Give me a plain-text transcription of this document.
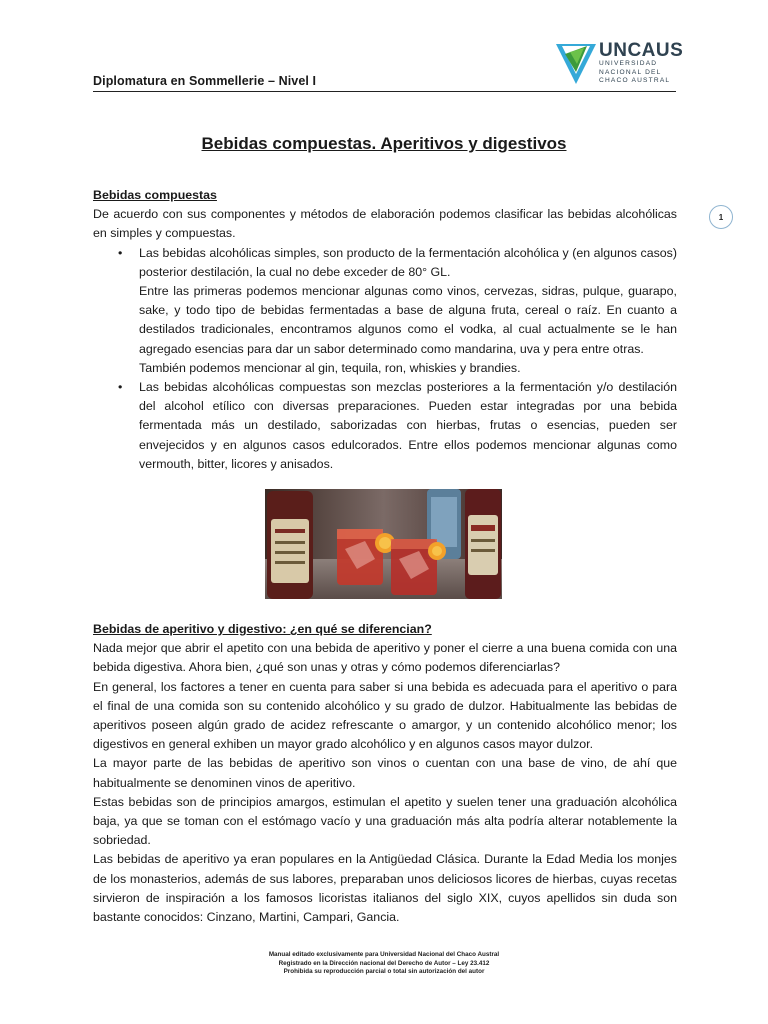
Diplomatura en Sommellerie – Nivel I
UNCAUS
UNIVERSIDAD
NACIONAL DEL
CHACO AUSTRAL
1
Bebidas compuestas. Aperitivos y digestivos
Bebidas compuestas

De acuerdo con sus componentes y métodos de elaboración podemos clasificar las bebidas alcohólicas en simples y compuestas.

• Las bebidas alcohólicas simples, son producto de la fermentación alcohólica y (en algunos casos) posterior destilación, la cual no debe exceder de 80° GL.

Entre las primeras podemos mencionar algunas como vinos, cervezas, sidras, pulque, guarapo, sake, y todo tipo de bebidas fermentadas a base de alguna fruta, cereal o raíz. En cuanto a destilados tradicionales, encontramos algunos como el vodka, al cual actualmente se le han agregado esencias para dar un sabor determinado como mandarina, uva y pera entre otras.

También podemos mencionar al gin, tequila, ron, whiskies y brandies.

• Las bebidas alcohólicas compuestas son mezclas posteriores a la fermentación y/o destilación del alcohol etílico con diversas preparaciones. Pueden estar integradas por una bebida fermentada más un destilado, saborizadas con hierbas, frutas o esencias, pueden ser envejecidos y en algunos casos edulcorados. Entre ellos podemos mencionar algunas como vermouth, bitter, licores y anisados.

Bebidas de aperitivo y digestivo: ¿en qué se diferencian?

Nada mejor que abrir el apetito con una bebida de aperitivo y poner el cierre a una buena comida con una bebida digestiva. Ahora bien, ¿qué son unas y otras y cómo podemos diferenciarlas?

En general, los factores a tener en cuenta para saber si una bebida es adecuada para el aperitivo o para el final de una comida son su contenido alcohólico y su grado de dulzor. Habitualmente las bebidas de aperitivos poseen algún grado de acidez refrescante o amargor, y un contenido alcohólico menor; los digestivos en general exhiben un mayor grado alcohólico y en algunos casos mayor dulzor.

La mayor parte de las bebidas de aperitivo son vinos o cuentan con una base de vino, de ahí que habitualmente se denominen vinos de aperitivo.

Estas bebidas son de principios amargos, estimulan el apetito y suelen tener una graduación alcohólica baja, ya que se toman con el estómago vacío y una graduación más alta podría alterar notablemente la sobriedad.

Las bebidas de aperitivo ya eran populares en la Antigüedad Clásica. Durante la Edad Media los monjes de los monasterios, además de sus labores, preparaban unos deliciosos licores de hierbas, cuyas recetas sirvieron de inspiración a los famosos licoristas italianos del siglo XIX, cuyos apellidos sin duda son bastante conocidos: Cinzano, Martini, Campari, Gancia.

Manual editado exclusivamente para Universidad Nacional del Chaco Austral
Registrado en la Dirección nacional del Derecho de Autor – Ley 23.412
Prohibida su reproducción parcial o total sin autorización del autor
